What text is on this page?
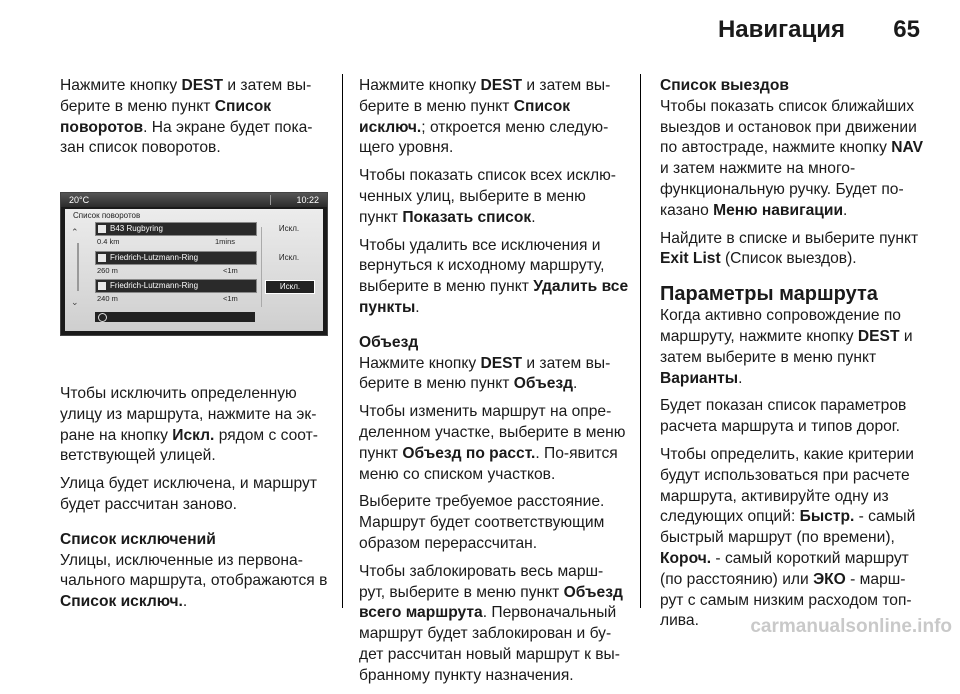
Навигация 65

Нажмите кнопку DEST и затем вы-берите в меню пункт Список поворотов. На экране будет пока-зан список поворотов.

20°C	10:22
Список поворотов
⌃
⌄
B43 Rugbyring
0.4 km	1mins
Искл.
Friedrich-Lutzmann-Ring
260 m	<1m
Искл.
Friedrich-Lutzmann-Ring
240 m	<1m
Искл.

Чтобы исключить определенную улицу из маршрута, нажмите на эк-ране на кнопку Искл. рядом с соот-ветствующей улицей.

Улица будет исключена, и маршрут будет рассчитан заново.

Список исключений

Улицы, исключенные из первона-чального маршрута, отображаются в Список исключ..

Нажмите кнопку DEST и затем вы-берите в меню пункт Список исключ.; откроется меню следую-щего уровня.

Чтобы показать список всех исклю-ченных улиц, выберите в меню пункт Показать список.

Чтобы удалить все исключения и вернуться к исходному маршруту, выберите в меню пункт Удалить все пункты.

Объезд

Нажмите кнопку DEST и затем вы-берите в меню пункт Объезд.

Чтобы изменить маршрут на опре-деленном участке, выберите в меню пункт Объезд по расст.. По-явится меню со списком участков.

Выберите требуемое расстояние. Маршрут будет соответствующим образом перерассчитан.

Чтобы заблокировать весь марш-рут, выберите в меню пункт Объезд всего маршрута. Первоначальный маршрут будет заблокирован и бу-дет рассчитан новый маршрут к вы-бранному пункту назначения.

Список выездов

Чтобы показать список ближайших выездов и остановок при движении по автостраде, нажмите кнопку NAV и затем нажмите на много-функциональную ручку. Будет по-казано Меню навигации.

Найдите в списке и выберите пункт Exit List (Список выездов).

Параметры маршрута

Когда активно сопровождение по маршруту, нажмите кнопку DEST и затем выберите в меню пункт Варианты.

Будет показан список параметров расчета маршрута и типов дорог.

Чтобы определить, какие критерии будут использоваться при расчете маршрута, активируйте одну из следующих опций: Быстр. - самый быстрый маршрут (по времени), Короч. - самый короткий маршрут (по расстоянию) или ЭКО - марш-рут с самым низким расходом топ-лива.	carmanualsonline.info
